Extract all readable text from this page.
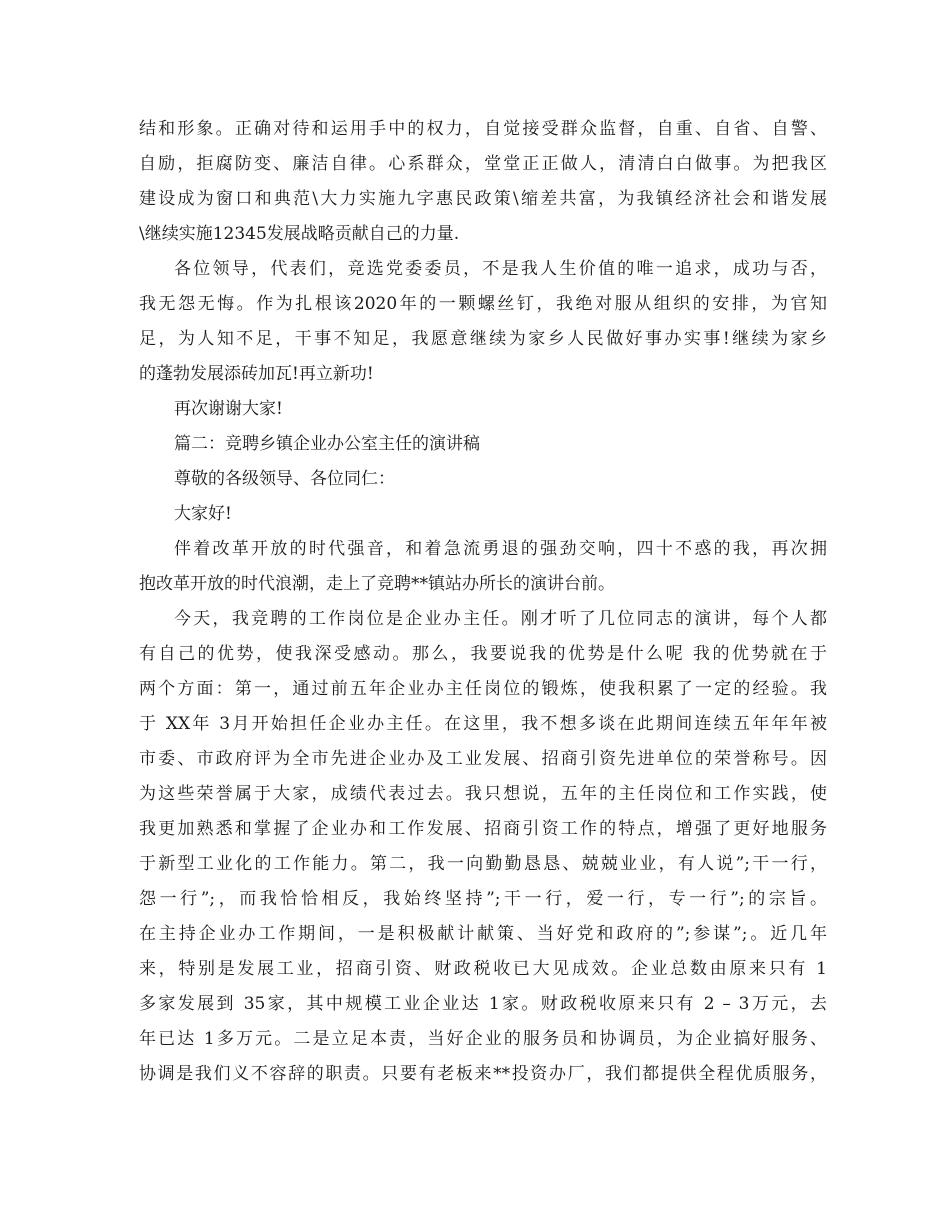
结和形象。正确对待和运用手中的权力，自觉接受群众监督，自重、自省、自警、
自励，拒腐防变、廉洁自律。心系群众，堂堂正正做人，清清白白做事。为把我区
建设成为窗口和典范\大力实施九字惠民政策\缩差共富，为我镇经济社会和谐发展
\继续实施12345发展战略贡献自己的力量.
各位领导，代表们，竞选党委委员，不是我人生价值的唯一追求，成功与否，
我无怨无悔。作为扎根该2020年的一颗螺丝钉，我绝对服从组织的安排，为官知
足，为人知不足，干事不知足，我愿意继续为家乡人民做好事办实事!继续为家乡
的蓬勃发展添砖加瓦!再立新功!
再次谢谢大家!
篇二：竞聘乡镇企业办公室主任的演讲稿
尊敬的各级领导、各位同仁：
大家好!
伴着改革开放的时代强音，和着急流勇退的强劲交响，四十不惑的我，再次拥
抱改革开放的时代浪潮，走上了竞聘**镇站办所长的演讲台前。
今天，我竞聘的工作岗位是企业办主任。刚才听了几位同志的演讲，每个人都
有自己的优势，使我深受感动。那么，我要说我的优势是什么呢 我的优势就在于
两个方面：第一，通过前五年企业办主任岗位的锻炼，使我积累了一定的经验。我
于 XX年 3月开始担任企业办主任。在这里，我不想多谈在此期间连续五年年年被
市委、市政府评为全市先进企业办及工业发展、招商引资先进单位的荣誉称号。因
为这些荣誉属于大家，成绩代表过去。我只想说，五年的主任岗位和工作实践，使
我更加熟悉和掌握了企业办和工作发展、招商引资工作的特点，增强了更好地服务
于新型工业化的工作能力。第二，我一向勤勤恳恳、兢兢业业，有人说”;干一行，
怨一行”;，而我恰恰相反，我始终坚持”;干一行，爱一行，专一行”;的宗旨。
在主持企业办工作期间，一是积极献计献策、当好党和政府的”;参谋”;。近几年
来，特别是发展工业，招商引资、财政税收已大见成效。企业总数由原来只有 1
多家发展到 35家，其中规模工业企业达 1家。财政税收原来只有 2 – 3万元，去
年已达 1多万元。二是立足本责，当好企业的服务员和协调员，为企业搞好服务、
协调是我们义不容辞的职责。只要有老板来**投资办厂，我们都提供全程优质服务，
